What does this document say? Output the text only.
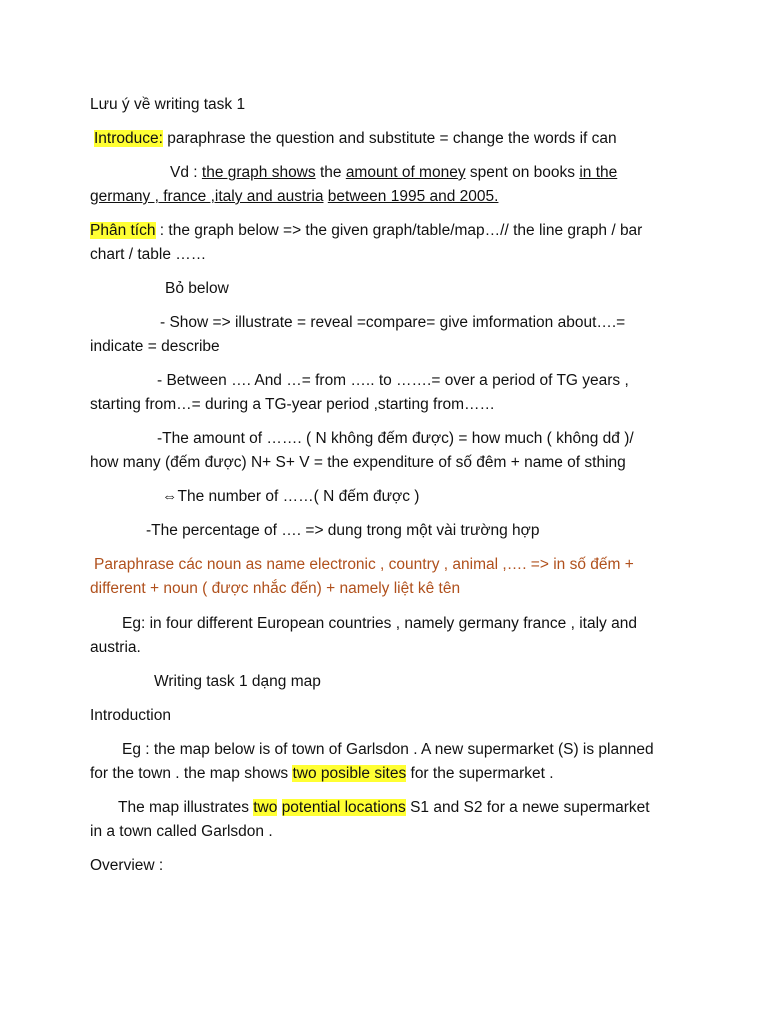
Lưu ý về writing task 1
Introduce: paraphrase the question and substitute = change the words if can
Vd : the graph shows the amount of money spent on books in the
germany , france ,italy and austria between 1995 and 2005.
Phân tích : the graph below => the given graph/table/map…// the line graph / bar
chart / table ……
Bỏ below
- Show => illustrate = reveal =compare= give imformation about….=
indicate = describe
- Between …. And …= from ….. to …….= over a period of TG years ,
starting from…= during a TG-year period ,starting from……
-The amount of ……. ( N không đếm được) = how much ( không dđ )/
how many (đếm được) N+ S+ V = the expenditure of số đêm + name of sthing
⇔The number of ……( N đếm được )
-The percentage of …. => dung trong một vài trường hợp
Paraphrase các noun as name electronic , country , animal ,…. => in số đếm +
different + noun ( được nhắc đến) + namely liệt kê tên
Eg: in four different European countries , namely germany france , italy and
austria.
Writing task 1 dạng map
Introduction
Eg : the map below is of town of Garlsdon . A new supermarket (S) is planned
for the town . the map shows two posible sites for the supermarket .
The map illustrates two potential locations S1 and S2 for a newe supermarket
in a town called Garlsdon .
Overview :
